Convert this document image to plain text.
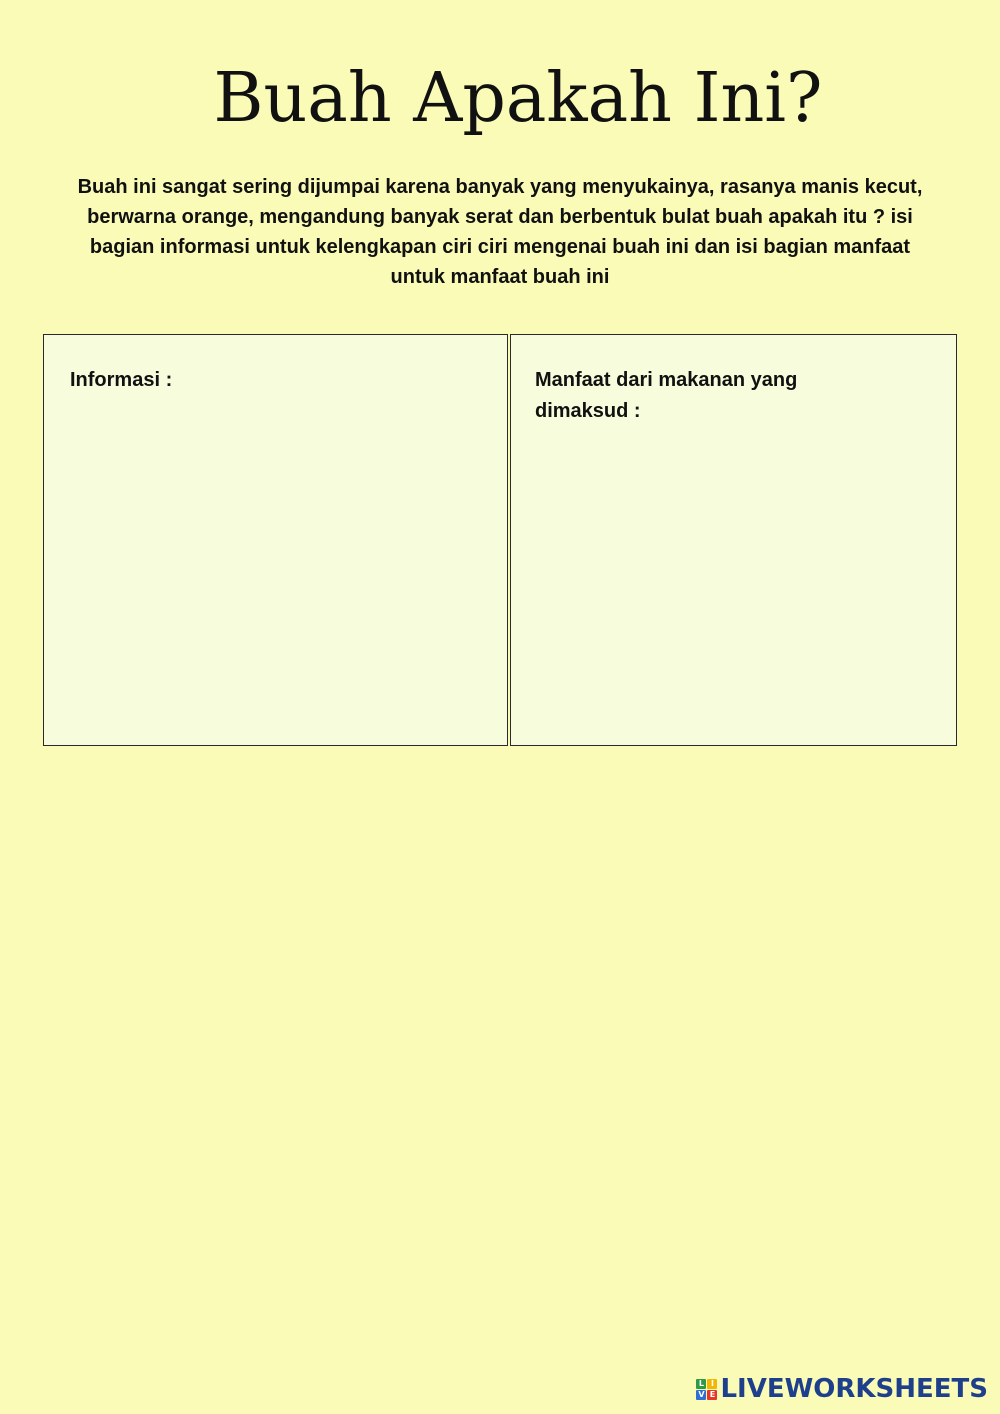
Buah Apakah Ini?

Buah ini sangat sering dijumpai karena banyak yang menyukainya, rasanya manis kecut, berwarna orange, mengandung banyak serat dan berbentuk bulat buah apakah itu ? isi bagian informasi untuk kelengkapan ciri ciri mengenai buah ini dan isi bagian manfaat untuk manfaat buah ini

Informasi :	Manfaat dari makanan yang dimaksud :
L I
V E LIVEWORKSHEETS
